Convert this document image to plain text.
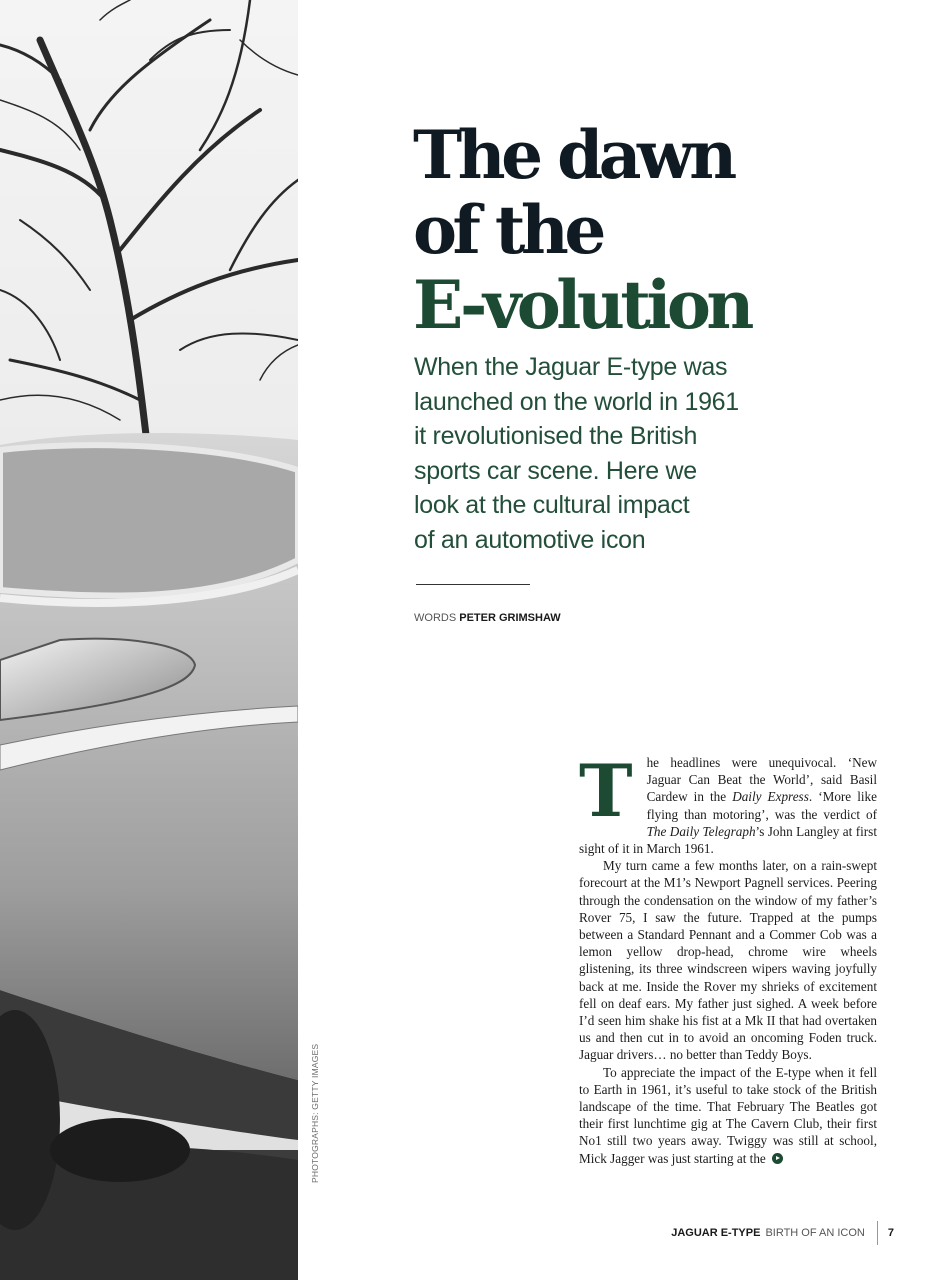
PHOTOGRAPHS: GETTY IMAGES
The dawn
of the
E-volution
When the Jaguar E-type was
launched on the world in 1961
it revolutionised the British
sports car scene. Here we
look at the cultural impact
of an automotive icon
WORDS PETER GRIMSHAW

T he headlines were unequivocal. ‘New Jaguar Can Beat the World’, said Basil Cardew in the Daily Express. ‘More like flying than motoring’, was the verdict of The Daily Telegraph’s John Langley at first sight of it in March 1961.

My turn came a few months later, on a rain-swept forecourt at the M1’s Newport Pagnell services. Peering through the condensation on the window of my father’s Rover 75, I saw the future. Trapped at the pumps between a Standard Pennant and a Commer Cob was a lemon yellow drop-head, chrome wire wheels glistening, its three windscreen wipers waving joyfully back at me. Inside the Rover my shrieks of excitement fell on deaf ears. My father just sighed. A week before I’d seen him shake his fist at a Mk II that had overtaken us and then cut in to avoid an oncoming Foden truck. Jaguar drivers… no better than Teddy Boys.

To appreciate the impact of the E-type when it fell to Earth in 1961, it’s useful to take stock of the British landscape of the time. That February The Beatles got their first lunchtime gig at The Cavern Club, their first No1 still two years away. Twiggy was still at school, Mick Jagger was just starting at the

JAGUAR E-TYPE BIRTH OF AN ICON 7
